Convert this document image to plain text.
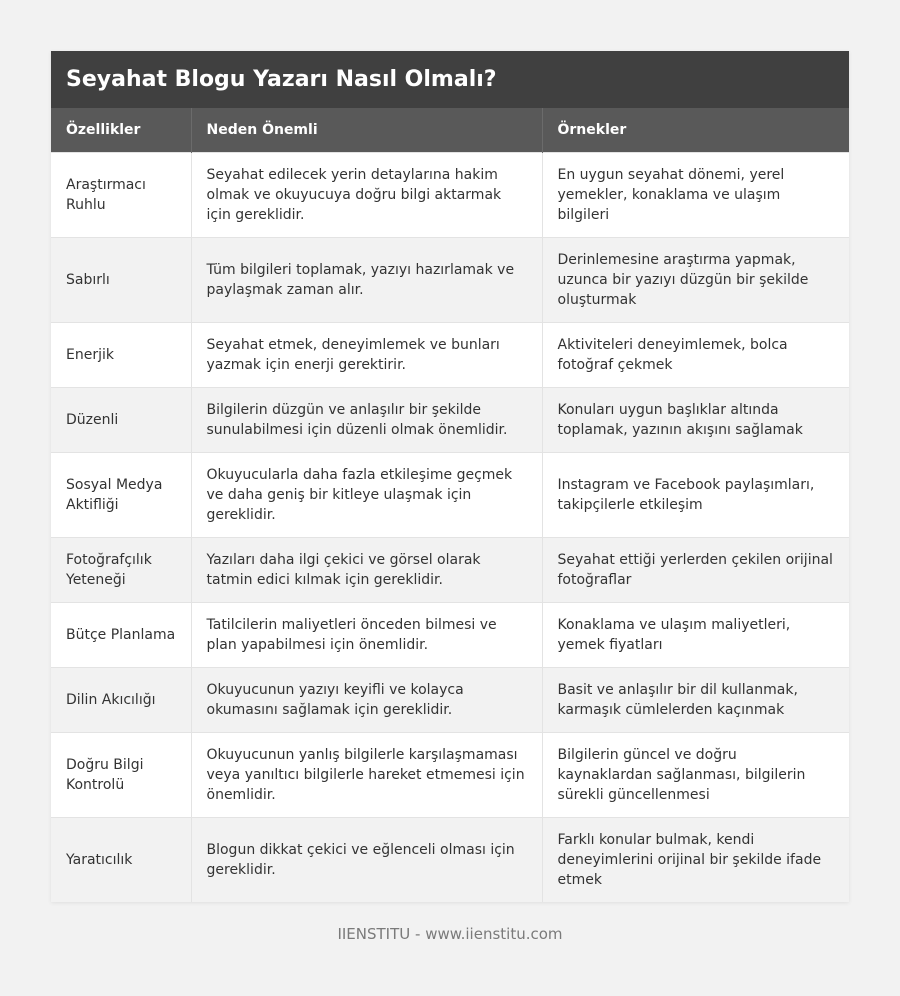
Seyahat Blogu Yazarı Nasıl Olmalı?
Özellikler	Neden Önemli	Örnekler
Araştırmacı Ruhlu	Seyahat edilecek yerin detaylarına hakim olmak ve okuyucuya doğru bilgi aktarmak için gereklidir.	En uygun seyahat dönemi, yerel yemekler, konaklama ve ulaşım bilgileri
Sabırlı	Tüm bilgileri toplamak, yazıyı hazırlamak ve paylaşmak zaman alır.	Derinlemesine araştırma yapmak, uzunca bir yazıyı düzgün bir şekilde oluşturmak
Enerjik	Seyahat etmek, deneyimlemek ve bunları yazmak için enerji gerektirir.	Aktiviteleri deneyimlemek, bolca fotoğraf çekmek
Düzenli	Bilgilerin düzgün ve anlaşılır bir şekilde sunulabilmesi için düzenli olmak önemlidir.	Konuları uygun başlıklar altında toplamak, yazının akışını sağlamak
Sosyal Medya Aktifliği	Okuyucularla daha fazla etkileşime geçmek ve daha geniş bir kitleye ulaşmak için gereklidir.	Instagram ve Facebook paylaşımları, takipçilerle etkileşim
Fotoğrafçılık Yeteneği	Yazıları daha ilgi çekici ve görsel olarak tatmin edici kılmak için gereklidir.	Seyahat ettiği yerlerden çekilen orijinal fotoğraflar
Bütçe Planlama	Tatilcilerin maliyetleri önceden bilmesi ve plan yapabilmesi için önemlidir.	Konaklama ve ulaşım maliyetleri, yemek fiyatları
Dilin Akıcılığı	Okuyucunun yazıyı keyifli ve kolayca okumasını sağlamak için gereklidir.	Basit ve anlaşılır bir dil kullanmak, karmaşık cümlelerden kaçınmak
Doğru Bilgi Kontrolü	Okuyucunun yanlış bilgilerle karşılaşmaması veya yanıltıcı bilgilerle hareket etmemesi için önemlidir.	Bilgilerin güncel ve doğru kaynaklardan sağlanması, bilgilerin sürekli güncellenmesi
Yaratıcılık	Blogun dikkat çekici ve eğlenceli olması için gereklidir.	Farklı konular bulmak, kendi deneyimlerini orijinal bir şekilde ifade etmek
IIENSTITU - www.iienstitu.com
